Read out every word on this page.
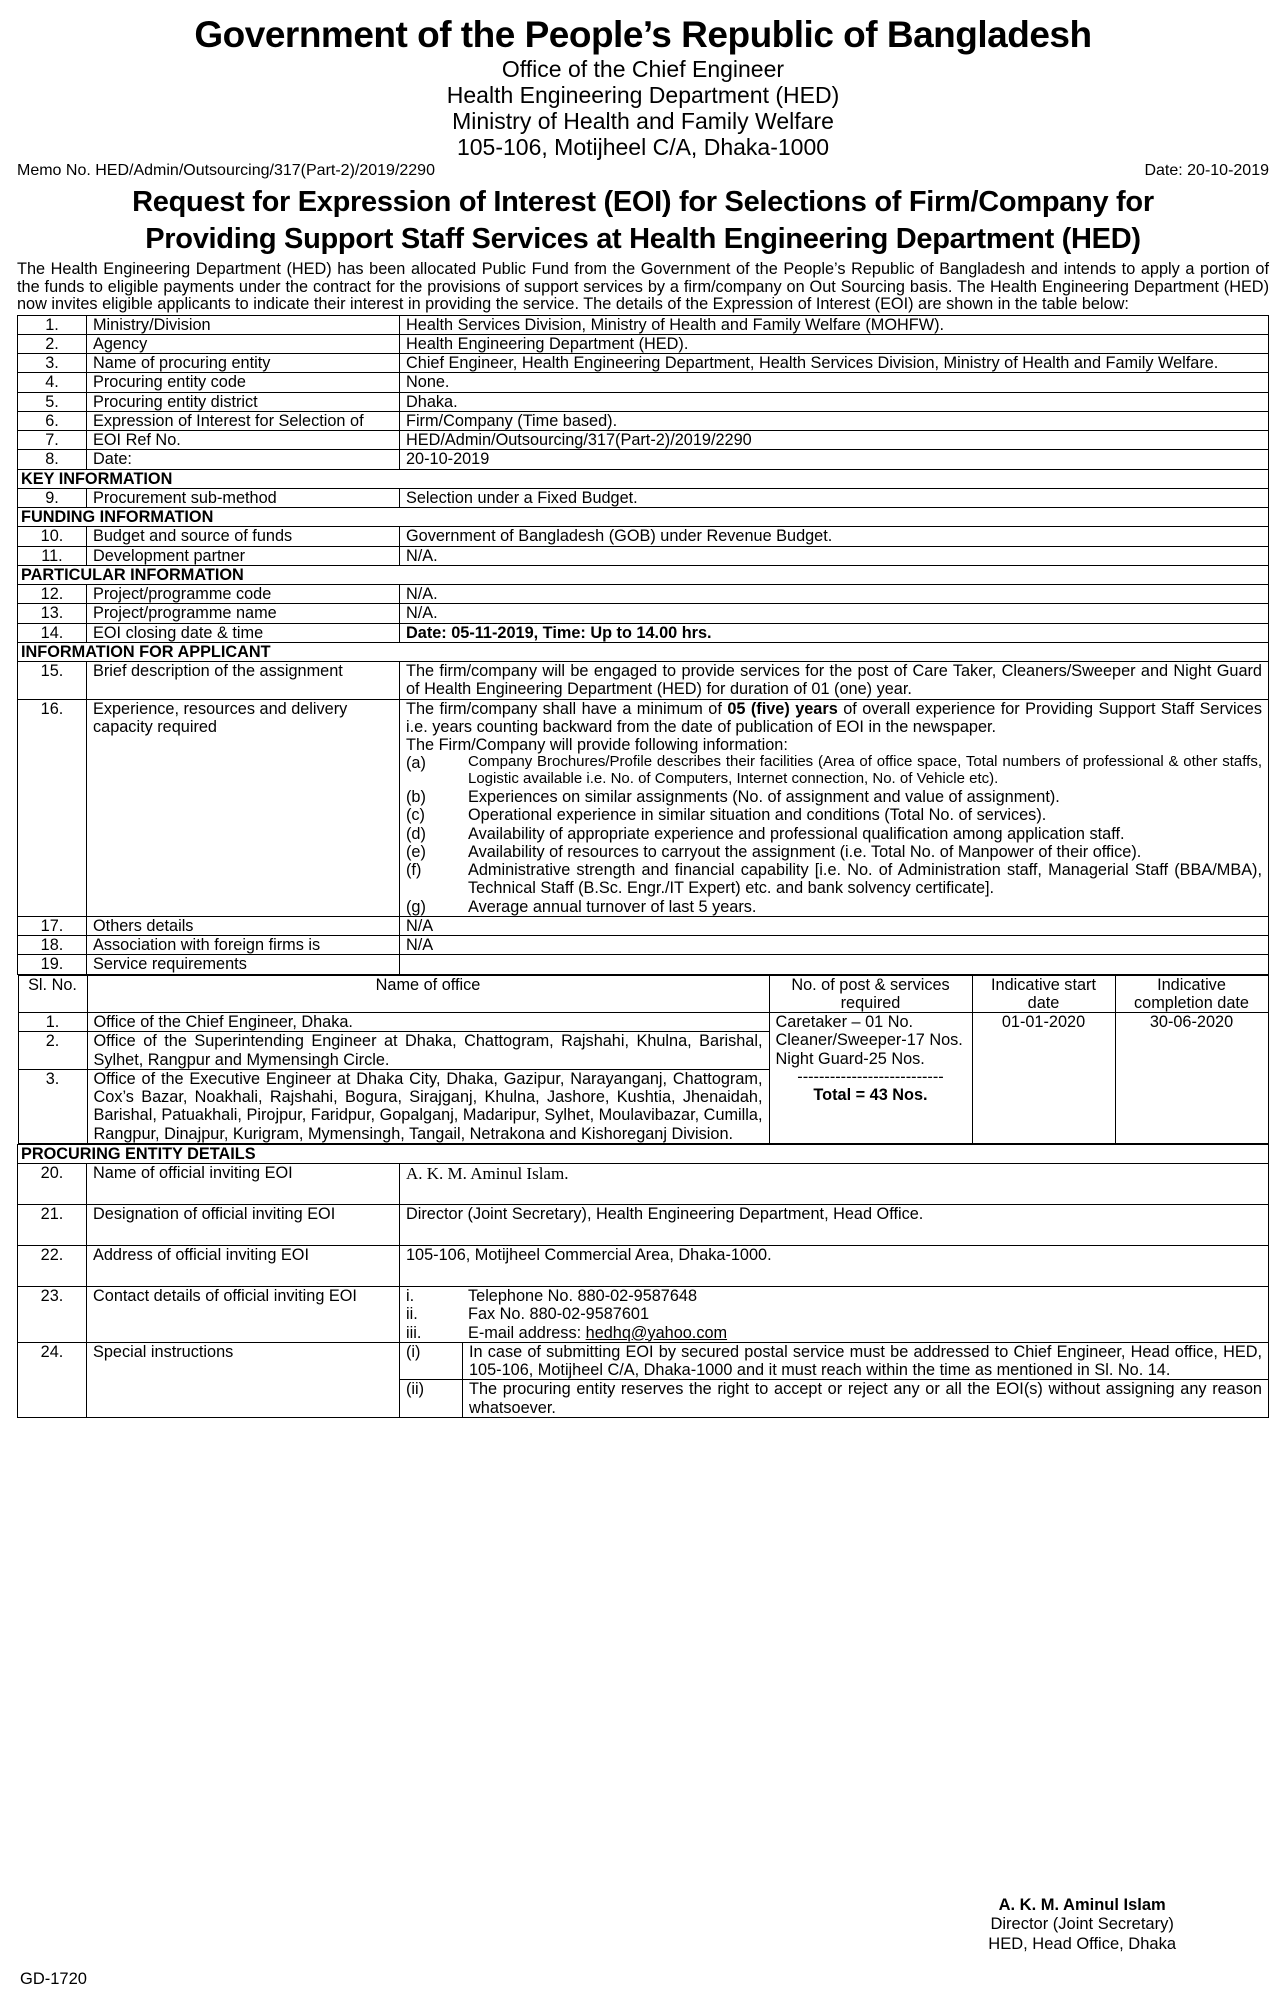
Government of the People’s Republic of Bangladesh
Office of the Chief Engineer
Health Engineering Department (HED)
Ministry of Health and Family Welfare
105-106, Motijheel C/A, Dhaka-1000
Memo No. HED/Admin/Outsourcing/317(Part-2)/2019/2290	Date: 20-10-2019
Request for Expression of Interest (EOI) for Selections of Firm/Company for
Providing Support Staff Services at Health Engineering Department (HED)

The Health Engineering Department (HED) has been allocated Public Fund from the Government of the People’s Republic of Bangladesh and intends to apply a portion of the funds to eligible payments under the contract for the provisions of support services by a firm/company on Out Sourcing basis. The Health Engineering Department (HED) now invites eligible applicants to indicate their interest in providing the service. The details of the Expression of Interest (EOI) are shown in the table below:

1.	Ministry/Division	Health Services Division, Ministry of Health and Family Welfare (MOHFW).
2.	Agency	Health Engineering Department (HED).
3.	Name of procuring entity	Chief Engineer, Health Engineering Department, Health Services Division, Ministry of Health and Family Welfare.
4.	Procuring entity code	None.
5.	Procuring entity district	Dhaka.
6.	Expression of Interest for Selection of	Firm/Company (Time based).
7.	EOI Ref No.	HED/Admin/Outsourcing/317(Part-2)/2019/2290
8.	Date:	20-10-2019
KEY INFORMATION
9.	Procurement sub-method	Selection under a Fixed Budget.
FUNDING INFORMATION
10.	Budget and source of funds	Government of Bangladesh (GOB) under Revenue Budget.
11.	Development partner	N/A.
PARTICULAR INFORMATION
12.	Project/programme code	N/A.
13.	Project/programme name	N/A.
14.	EOI closing date & time	Date: 05-11-2019, Time: Up to 14.00 hrs.
INFORMATION FOR APPLICANT
15.	Brief description of the assignment	The firm/company will be engaged to provide services for the post of Care Taker, Cleaners/Sweeper and Night Guard of Health Engineering Department (HED) for duration of 01 (one) year.
16.	Experience, resources and delivery capacity required	
The firm/company shall have a minimum of 05 (five) years of overall experience for Providing Support Staff Services i.e. years counting backward from the date of publication of EOI in the newspaper.
The Firm/Company will provide following information:
(a)	Company Brochures/Profile describes their facilities (Area of office space, Total numbers of professional & other staffs, Logistic available i.e. No. of Computers, Internet connection, No. of Vehicle etc).
(b)	Experiences on similar assignments (No. of assignment and value of assignment).
(c)	Operational experience in similar situation and conditions (Total No. of services).
(d)	Availability of appropriate experience and professional qualification among application staff.
(e)	Availability of resources to carryout the assignment (i.e. Total No. of Manpower of their office).
(f)	Administrative strength and financial capability [i.e. No. of Administration staff, Managerial Staff (BBA/MBA), Technical Staff (B.Sc. Engr./IT Expert) etc. and bank solvency certificate].
(g)	Average annual turnover of last 5 years.

17.	Others details	N/A
18.	Association with foreign firms is	N/A
19.	Service requirements	

Sl. No.	Name of office	No. of post & services required	Indicative start date	Indicative completion date
1.	Office of the Chief Engineer, Dhaka.	Caretaker – 01 No.
Cleaner/Sweeper-17 Nos.
Night Guard-25 Nos.
---------------------------
Total = 43 Nos.
	01-01-2020	30-06-2020
2.	Office of the Superintending Engineer at Dhaka, Chattogram, Rajshahi, Khulna, Barishal, Sylhet, Rangpur and Mymensingh Circle.
3.	Office of the Executive Engineer at Dhaka City, Dhaka, Gazipur, Narayanganj, Chattogram, Cox’s Bazar, Noakhali, Rajshahi, Bogura, Sirajganj, Khulna, Jashore, Kushtia, Jhenaidah, Barishal, Patuakhali, Pirojpur, Faridpur, Gopalganj, Madaripur, Sylhet, Moulavibazar, Cumilla, Rangpur, Dinajpur, Kurigram, Mymensingh, Tangail, Netrakona and Kishoreganj Division.

PROCURING ENTITY DETAILS
20.	Name of official inviting EOI	A. K. M. Aminul Islam.
21.	Designation of official inviting EOI	Director (Joint Secretary), Health Engineering Department, Head Office.
22.	Address of official inviting EOI	105-106, Motijheel Commercial Area, Dhaka-1000.
23.	Contact details of official inviting EOI	i.	Telephone No. 880-02-9587648
ii.	Fax No. 880-02-9587601
iii.	E-mail address: hedhq@yahoo.com

24.	Special instructions		(i)	In case of submitting EOI by secured postal service must be addressed to Chief Engineer, Head office, HED, 105-106, Motijheel C/A, Dhaka-1000 and it must reach within the time as mentioned in Sl. No. 14.
(ii)	The procuring entity reserves the right to accept or reject any or all the EOI(s) without assigning any reason whatsoever.
A. K. M. Aminul Islam
Director (Joint Secretary)
HED, Head Office, Dhaka
GD-1720
